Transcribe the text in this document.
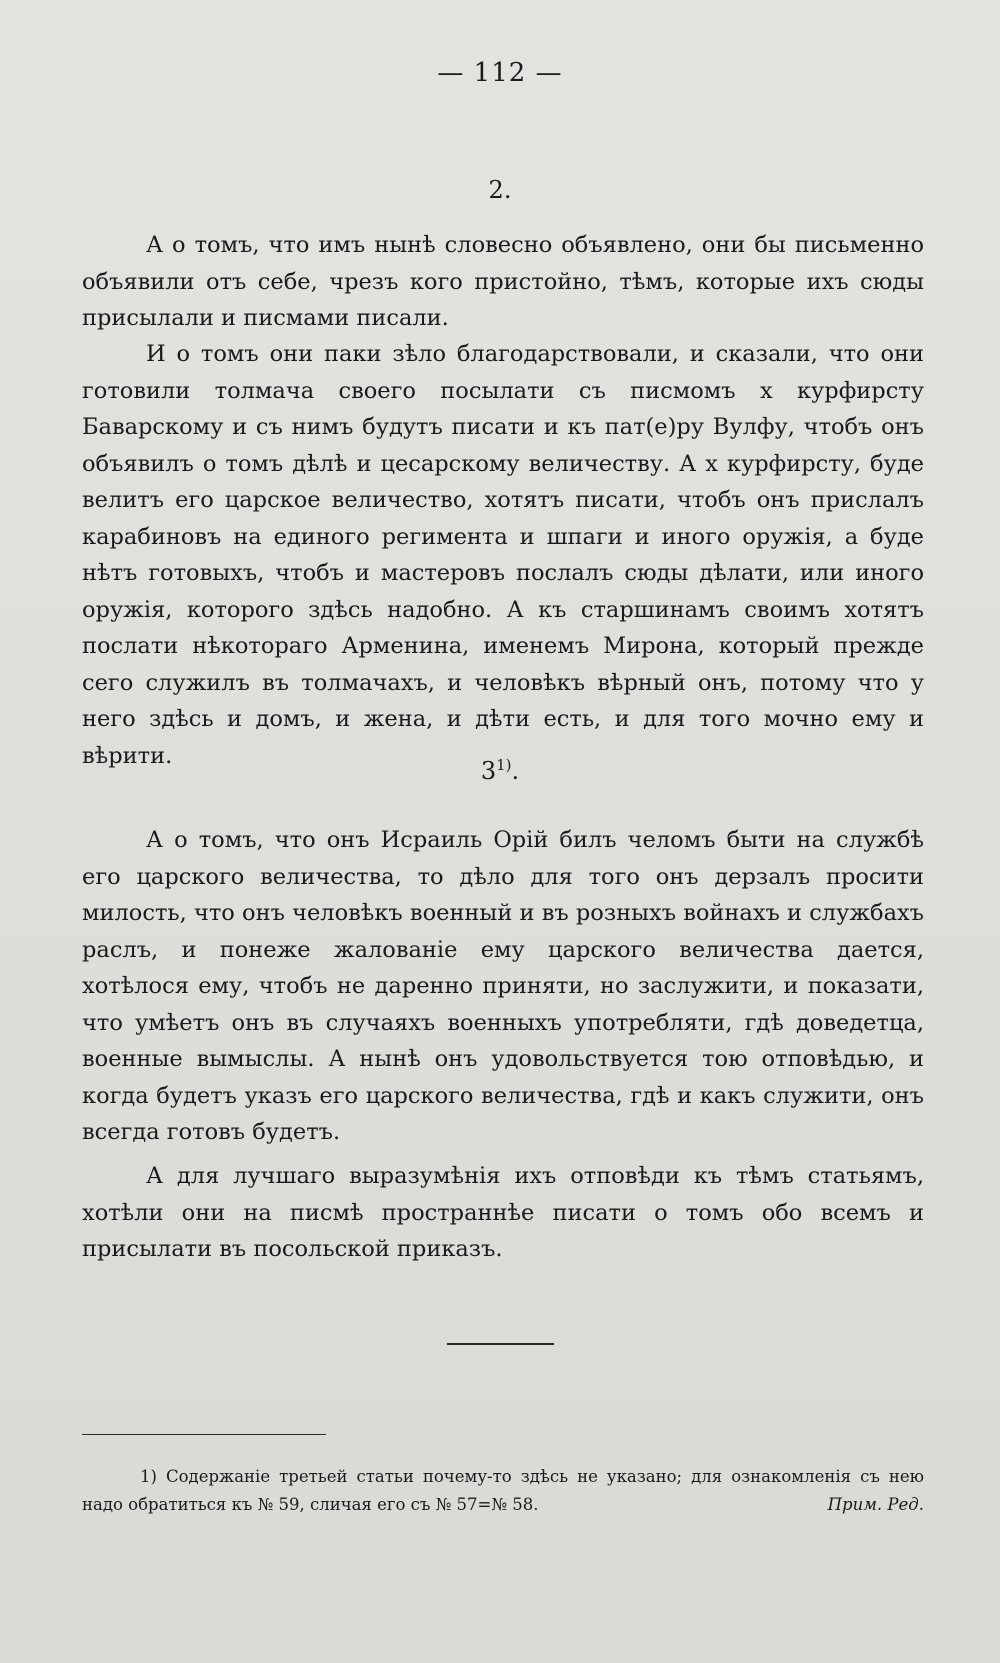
— 112 —
2.

А о томъ, что имъ нынѣ словесно объявлено, они бы письменно объявили отъ себе, чрезъ кого пристойно, тѣмъ, которые ихъ сюды присылали и писмами писали.

И о томъ они паки зѣло благодарствовали, и сказали, что они готовили толмача своего посылати съ писмомъ х курфирсту Баварскому и съ нимъ будутъ писати и къ пат(е)ру Вулфу, чтобъ онъ объявилъ о томъ дѣлѣ и цесарскому величеству. А х курфирсту, буде велитъ его царское величество, хотятъ писати, чтобъ онъ прислалъ карабиновъ на единого регимента и шпаги и иного оружія, а буде нѣтъ готовыхъ, чтобъ и мастеровъ послалъ сюды дѣлати, или иного оружія, которого здѣсь надобно. А къ старшинамъ своимъ хотятъ послати нѣкотораго Арменина, именемъ Мирона, который прежде сего служилъ въ толмачахъ, и человѣкъ вѣрный онъ, потому что у него здѣсь и домъ, и жена, и дѣти есть, и для того мочно ему и вѣрити.

3$^{1)}$.

А о томъ, что онъ Исраиль Орій билъ челомъ быти на службѣ его царского величества, то дѣло для того онъ дерзалъ просити милость, что онъ человѣкъ военный и въ розныхъ войнахъ и службахъ раслъ, и понеже жалованіе ему царского величества дается, хотѣлося ему, чтобъ не даренно приняти, но заслужити, и показати, что умѣетъ онъ въ случаяхъ военныхъ употребляти, гдѣ доведетца, военные вымыслы. А нынѣ онъ удовольствуется тою отповѣдью, и когда будетъ указъ его царского величества, гдѣ и какъ служити, онъ всегда готовъ будетъ.

А для лучшаго выразумѣнія ихъ отповѣди къ тѣмъ статьямъ, хотѣли они на писмѣ пространнѣе писати о томъ обо всемъ и присылати въ посольской приказъ.

1) Содержаніе третьей статьи почему-то здѣсь не указано; для ознакомленія съ нею надо обратиться къ № 59, сличая его съ № 57=№ 58.	Прим. Ред.
